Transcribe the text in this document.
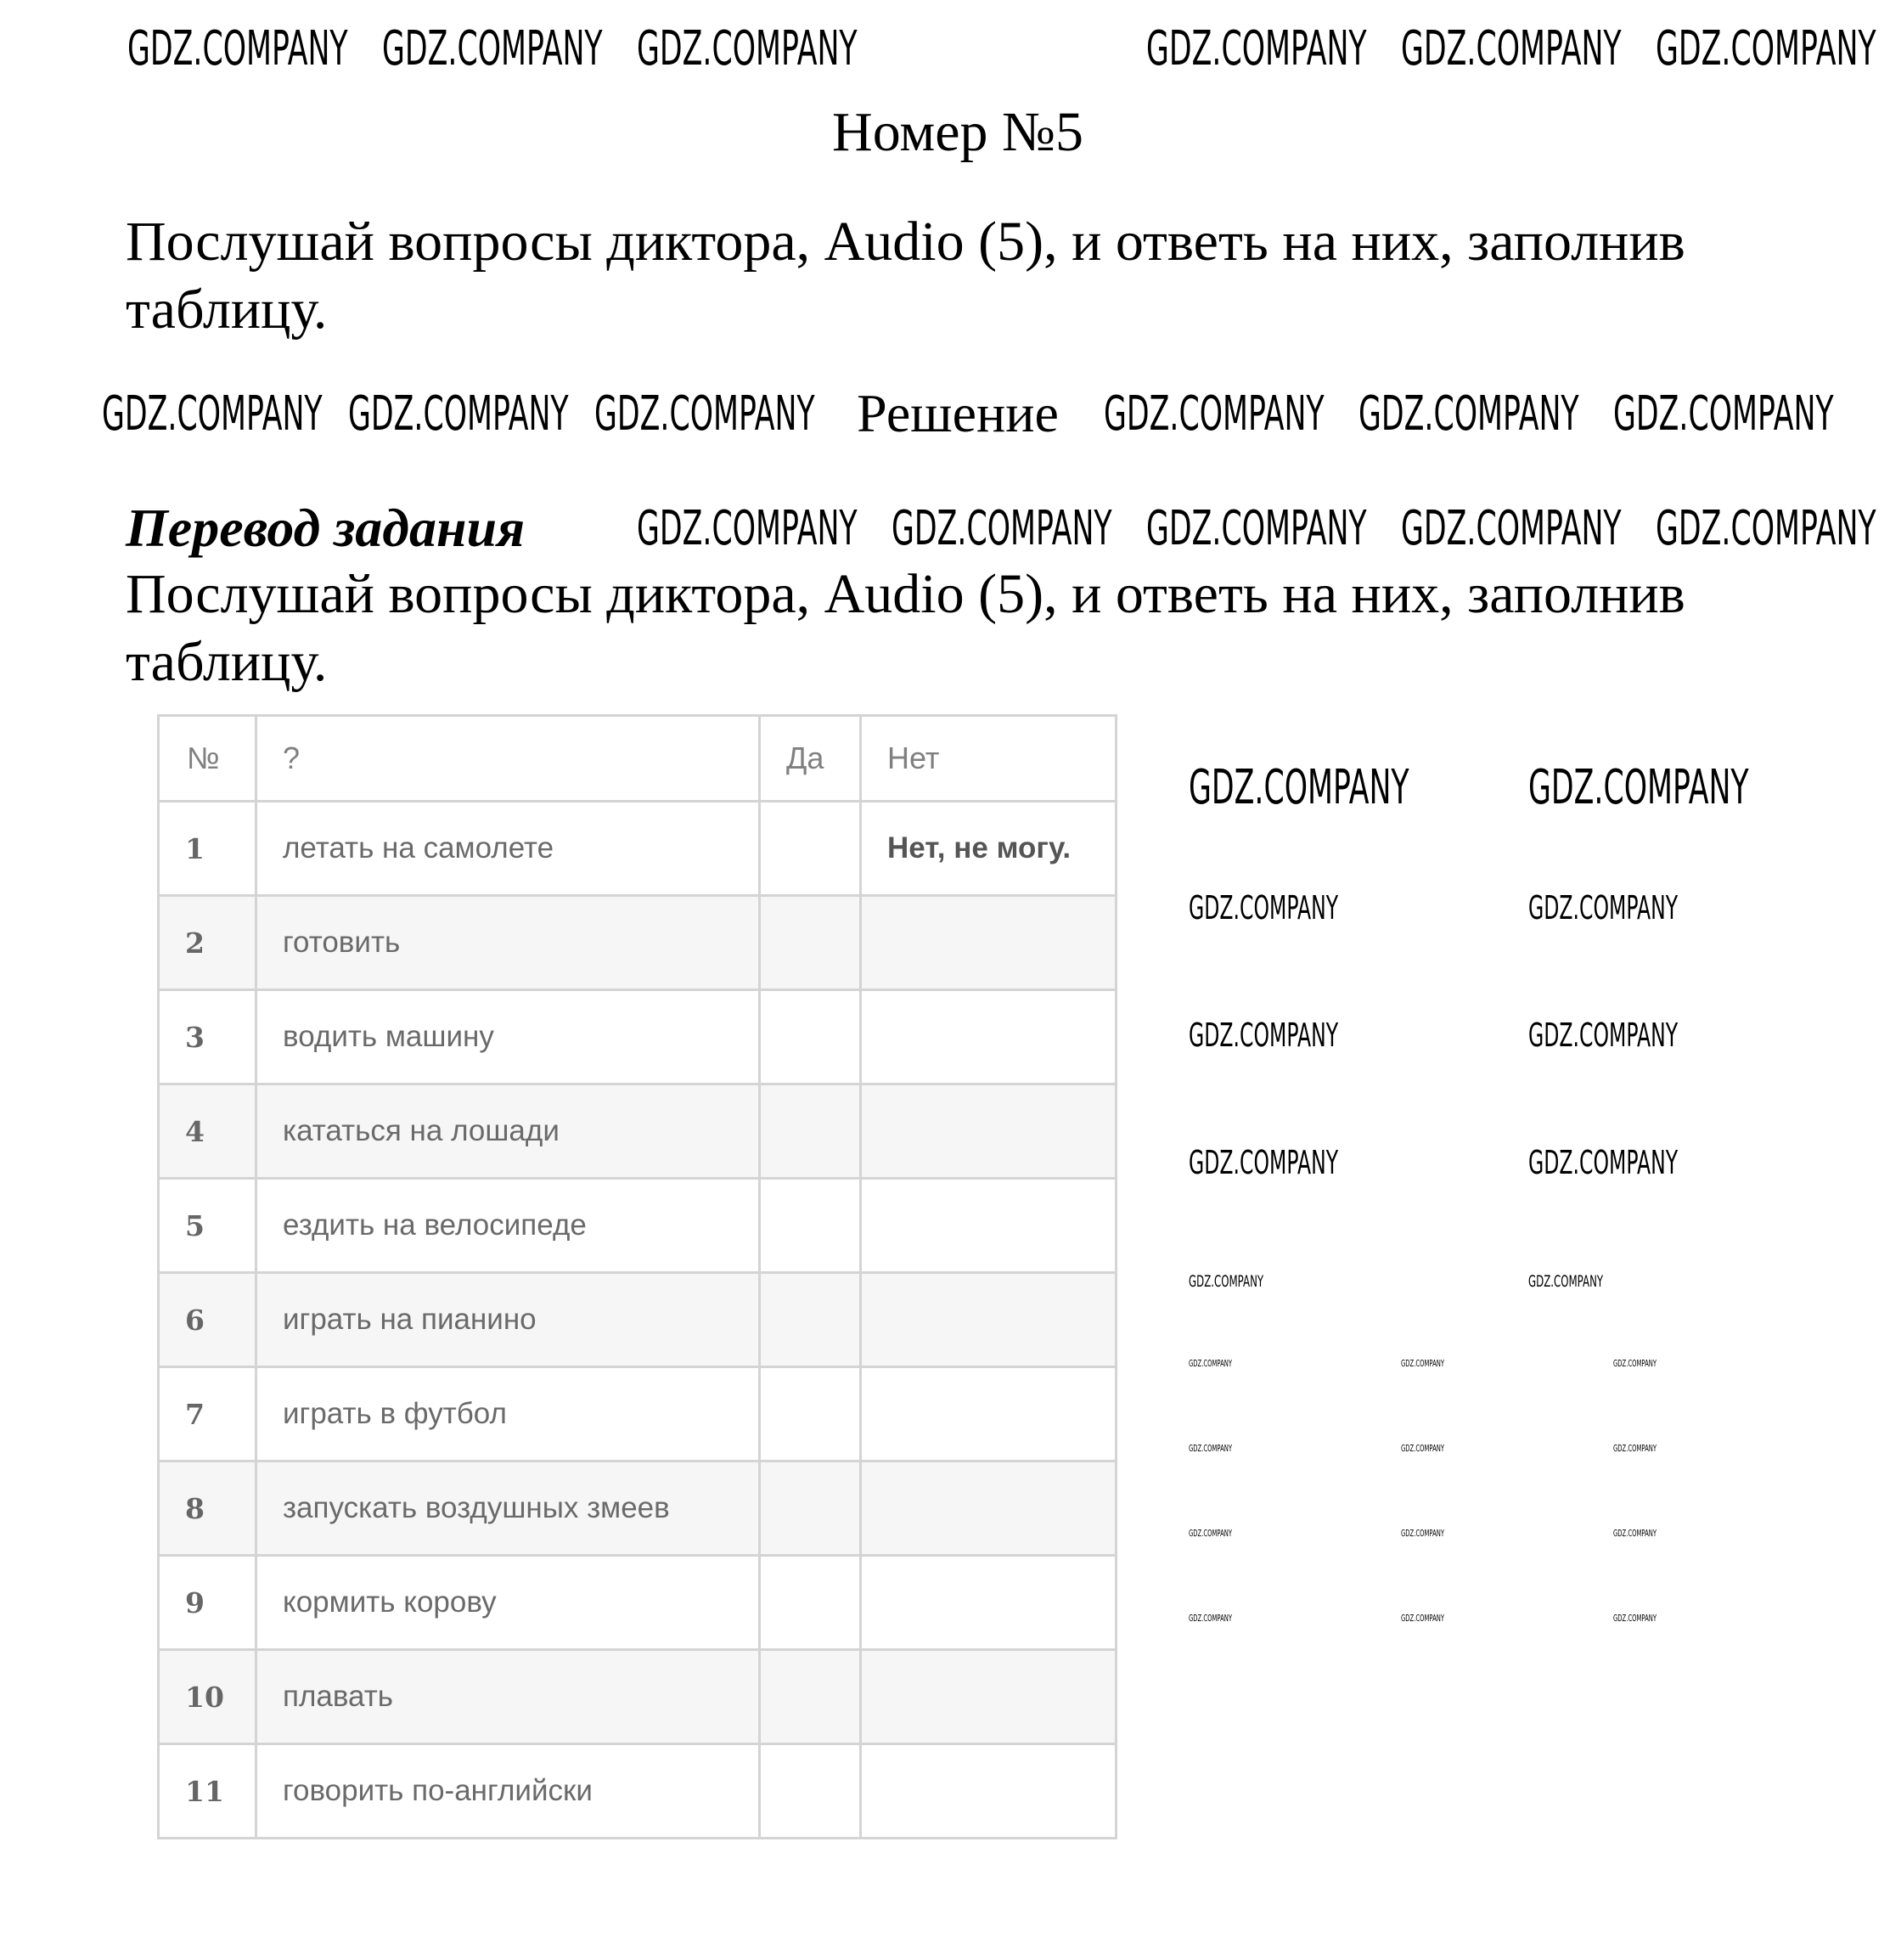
Номер №5
Послушай вопросы диктора, Audio (5), и ответь на них, заполнив таблицу.
Решение
Перевод задания
Послушай вопросы диктора, Audio (5), и ответь на них, заполнив таблицу.
№	?	Да	Нет
1	летать на самолете		Нет, не могу.
2	готовить		
3	водить машину		
4	кататься на лошади		
5	ездить на велосипеде		
6	играть на пианино		
7	играть в футбол		
8	запускать воздушных змеев		
9	кормить корову		
10	плавать		
11	говорить по-английски		
GDZ.COMPANY GDZ.COMPANY GDZ.COMPANY	GDZ.COMPANY GDZ.COMPANY GDZ.COMPANY
GDZ.COMPANY GDZ.COMPANY GDZ.COMPANY	GDZ.COMPANY GDZ.COMPANY GDZ.COMPANY
GDZ.COMPANY GDZ.COMPANY GDZ.COMPANY GDZ.COMPANY GDZ.COMPANY
GDZ.COMPANY	GDZ.COMPANY
GDZ.COMPANY	GDZ.COMPANY
GDZ.COMPANY	GDZ.COMPANY
GDZ.COMPANY	GDZ.COMPANY
GDZ.COMPANY	GDZ.COMPANY
GDZ.COMPANY	GDZ.COMPANY	GDZ.COMPANY
GDZ.COMPANY	GDZ.COMPANY	GDZ.COMPANY
GDZ.COMPANY	GDZ.COMPANY	GDZ.COMPANY
GDZ.COMPANY	GDZ.COMPANY	GDZ.COMPANY
